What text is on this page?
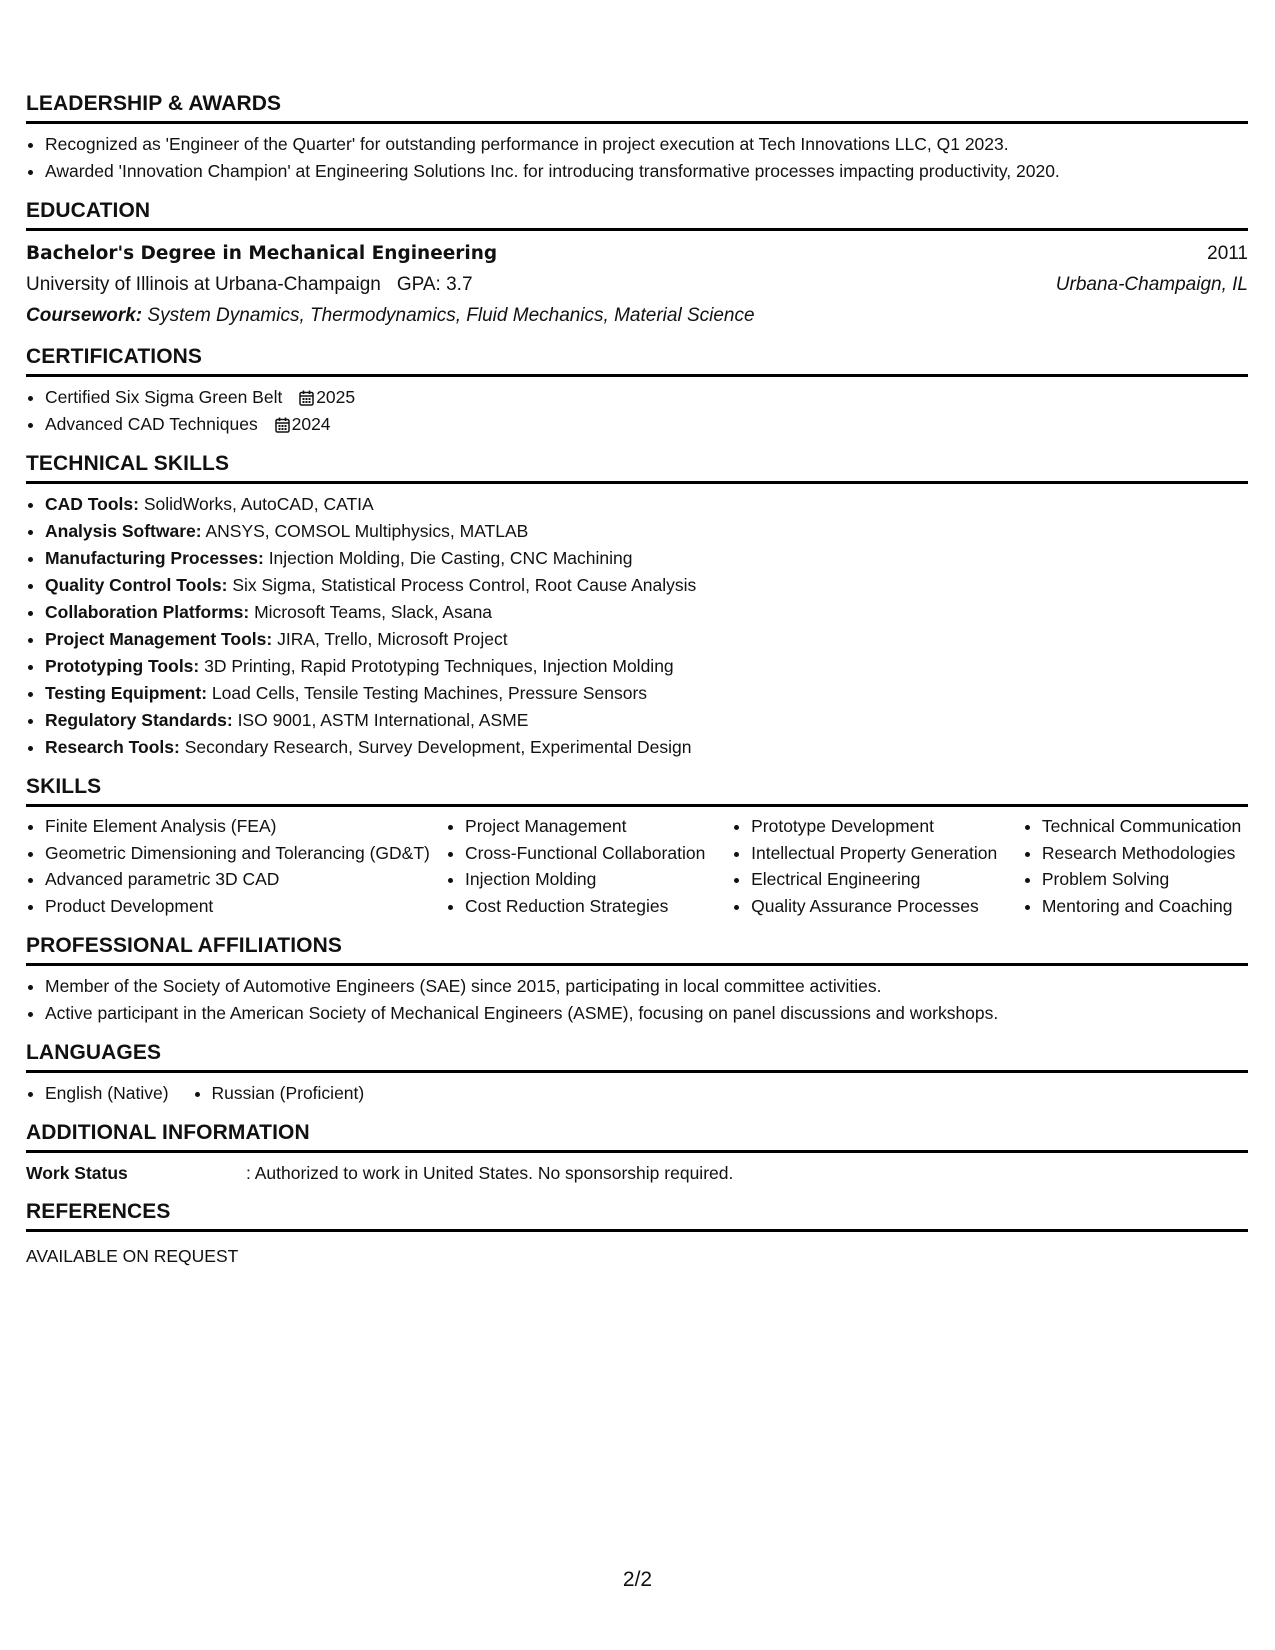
LEADERSHIP & AWARDS
• Recognized as 'Engineer of the Quarter' for outstanding performance in project execution at Tech Innovations LLC, Q1 2023.
• Awarded 'Innovation Champion' at Engineering Solutions Inc. for introducing transformative processes impacting productivity, 2020.
EDUCATION
Bachelor's Degree in Mechanical Engineering	2011
University of Illinois at Urbana-Champaign GPA: 3.7	Urbana-Champaign, IL
Coursework:
System Dynamics, Thermodynamics, Fluid Mechanics, Material Science
CERTIFICATIONS
• Certified Six Sigma Green Belt 2025
• Advanced CAD Techniques 2024
TECHNICAL SKILLS
• CAD Tools: SolidWorks, AutoCAD, CATIA
• Analysis Software: ANSYS, COMSOL Multiphysics, MATLAB
• Manufacturing Processes: Injection Molding, Die Casting, CNC Machining
• Quality Control Tools: Six Sigma, Statistical Process Control, Root Cause Analysis
• Collaboration Platforms: Microsoft Teams, Slack, Asana
• Project Management Tools: JIRA, Trello, Microsoft Project
• Prototyping Tools: 3D Printing, Rapid Prototyping Techniques, Injection Molding
• Testing Equipment: Load Cells, Tensile Testing Machines, Pressure Sensors
• Regulatory Standards: ISO 9001, ASTM International, ASME
• Research Tools: Secondary Research, Survey Development, Experimental Design
SKILLS
• Finite Element Analysis (FEA)
• Geometric Dimensioning and Tolerancing (GD&T)
• Advanced parametric 3D CAD
• Product Development
• Project Management
• Cross-Functional Collaboration
• Injection Molding
• Cost Reduction Strategies
• Prototype Development
• Intellectual Property Generation
• Electrical Engineering
• Quality Assurance Processes
• Technical Communication
• Research Methodologies
• Problem Solving
• Mentoring and Coaching
PROFESSIONAL AFFILIATIONS
• Member of the Society of Automotive Engineers (SAE) since 2015, participating in local committee activities.
• Active participant in the American Society of Mechanical Engineers (ASME), focusing on panel discussions and workshops.
LANGUAGES
• English (Native)
• Russian (Proficient)
ADDITIONAL INFORMATION
Work Status	: Authorized to work in United States. No sponsorship required.
REFERENCES
AVAILABLE ON REQUEST
2/2
